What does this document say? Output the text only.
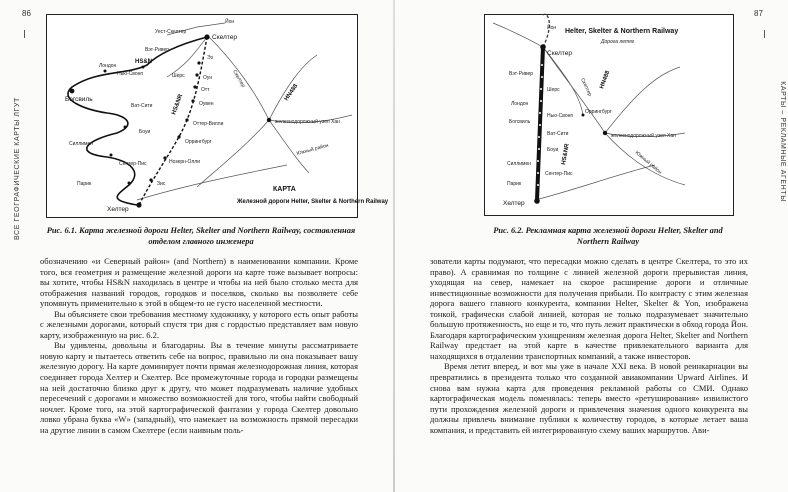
86
ВСЕ ГЕОГРАФИЧЕСКИЕ КАРТЫ ЛГУТ
Йон
Уест-Скелтер
Скелтер
Вэт-Ривер
Лондон
Нью-Свонп
HS&N
Шерс
Богсвиль
Ват-Сити
Боуи
Силлимен
Сентер-Пис
Парик
Хелтер
Эз
Оун
Отт
Оувен
Оттер-Вилли
Оррингбург
Нозерн-Олли
Зис
железнодорожный узел Хан
HS&NR
HN488
Скелтер
Южный район
КАРТА
Железной дороги Helter, Skelter & Northern Railway
Рис. 6.1. Карта железной дороги Helter, Skelter and Northern Railway, составленная отделом главного инженера

обозначению «и Северный район» (and Northern) в наименовании компании. Кроме того, вся геометрия и размещение железной дороги на карте тоже вызывает вопросы: вы хотите, чтобы HS&N находилась в центре и чтобы на ней было столько места для отображения названий городов, городков и поселков, сколько вы позволяете себе упомянуть применительно к этой в общем-то не густо населенной местности.

Вы объясняете свои требования местному художнику, у которого есть опыт работы с железными дорогами, который спустя три дня с гордостью представляет вам новую карту, изображенную на рис. 6.2.

Вы удивлены, довольны и благодарны. Вы в течение минуты рассматриваете новую карту и пытаетесь ответить себе на вопрос, правильно ли она показывает вашу железную дорогу. На карте доминирует почти прямая железнодорожная линия, которая соединяет города Хелтер и Скелтер. Все промежуточные города и городки размещены на ней достаточно близко друг к другу, что может подразумевать наличие удобных пересечений с дорогами и множество возможностей для того, чтобы найти свободный ночлег. Кроме того, на этой картографической фантазии у города Скелтер довольно ловко убрана буква «W» (западный), что намекает на возможность прямой пересадки на другие линии в самом Скелтере (если наивным поль-

87
КАРТЫ – РЕКЛАМНЫЕ АГЕНТЫ
Helter, Skelter & Northern Railway
Дорога летяг
Йон
Скелтер
Вэт-Ривер
Шерс
Лондон
Богсвиль
Нью-Свонп
Ват-Сити
Боуи
Силлимен
Сентер-Пис
Парик
Хелтер
Оррингбург
железнодорожный узел Хан
HS&NR
HN488
Скелтер
Южный район
Рис. 6.2. Рекламная карта железной дороги Helter, Skelter and Northern Railway

зователи карты подумают, что пересадки можно сделать в центре Скелтера, то это их право). А сравнимая по толщине с линией железной дороги прерывистая линия, уходящая на север, намекает на скорое расширение дороги и отличные инвестиционные возможности для получения прибыли. По контрасту с этим железная дорога вашего главного конкурента, компании Helter, Skelter & Yon, изображена тонкой, графически слабой линией, которая не только подразумевает значительно большую протяженность, но еще и то, что путь лежит практически в обход города Йон. Благодаря картографическим ухищрениям железная дорога Helter, Skelter and Northern Railway предстает на этой карте в качестве привлекательного варианта для находящихся в отдалении транспортных компаний, а также инвесторов.

Время летит вперед, и вот мы уже в начале XXI века. В новой реинкарнации вы превратились в президента только что созданной авиакомпании Upward Airlines. И снова вам нужна карта для проведения рекламной работы со СМИ. Однако картографическая модель поменялась: теперь вместо «ретуширования» извилистого пути прохождения железной дороги и привлечения значения одного конкурента вы должны привлечь внимание публики к количеству городов, в которые летает ваша компания, и представить ей интегрированную схему ваших маршрутов. Ави-
